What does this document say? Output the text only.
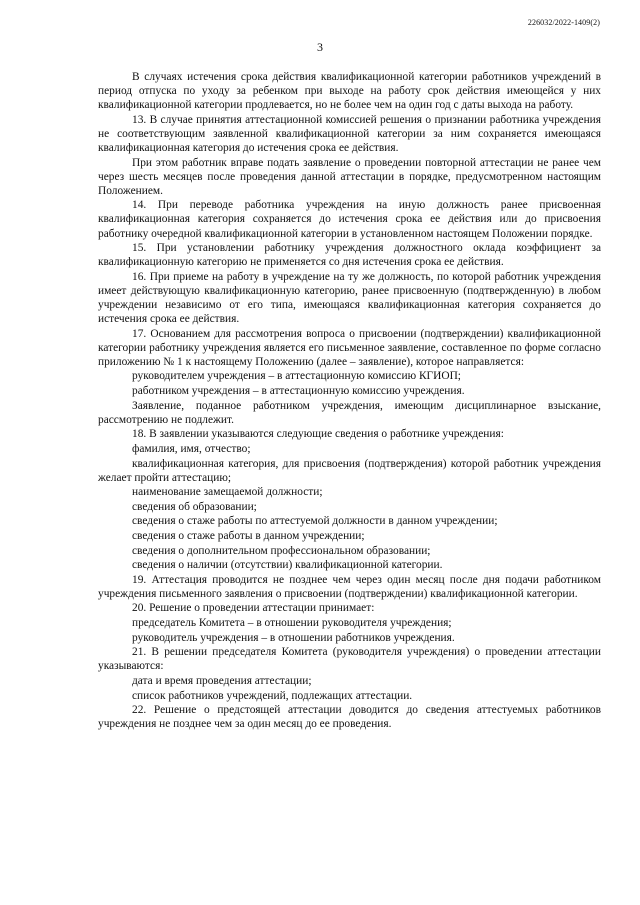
226032/2022-1409(2)
3

В случаях истечения срока действия квалификационной категории работников учреждений в период отпуска по уходу за ребенком при выходе на работу срок действия имеющейся у них квалификационной категории продлевается, но не более чем на один год с даты выхода на работу.

13. В случае принятия аттестационной комиссией решения о признании работника учреждения не соответствующим заявленной квалификационной категории за ним сохраняется имеющаяся квалификационная категория до истечения срока ее действия.

При этом работник вправе подать заявление о проведении повторной аттестации не ранее чем через шесть месяцев после проведения данной аттестации в порядке, предусмотренном настоящим Положением.

14. При переводе работника учреждения на иную должность ранее присвоенная квалификационная категория сохраняется до истечения срока ее действия или до присвоения работнику очередной квалификационной категории в установленном настоящем Положении порядке.

15. При установлении работнику учреждения должностного оклада коэффициент за квалификационную категорию не применяется со дня истечения срока ее действия.

16. При приеме на работу в учреждение на ту же должность, по которой работник учреждения имеет действующую квалификационную категорию, ранее присвоенную (подтвержденную) в любом учреждении независимо от его типа, имеющаяся квалификационная категория сохраняется до истечения срока ее действия.

17. Основанием для рассмотрения вопроса о присвоении (подтверждении) квалификационной категории работнику учреждения является его письменное заявление, составленное по форме согласно приложению № 1 к настоящему Положению (далее – заявление), которое направляется:

руководителем учреждения – в аттестационную комиссию КГИОП;

работником учреждения – в аттестационную комиссию учреждения.

Заявление, поданное работником учреждения, имеющим дисциплинарное взыскание, рассмотрению не подлежит.

18. В заявлении указываются следующие сведения о работнике учреждения:

фамилия, имя, отчество;

квалификационная категория, для присвоения (подтверждения) которой работник учреждения желает пройти аттестацию;

наименование замещаемой должности;

сведения об образовании;

сведения о стаже работы по аттестуемой должности в данном учреждении;

сведения о стаже работы в данном учреждении;

сведения о дополнительном профессиональном образовании;

сведения о наличии (отсутствии) квалификационной категории.

19. Аттестация проводится не позднее чем через один месяц после дня подачи работником учреждения письменного заявления о присвоении (подтверждении) квалификационной категории.

20. Решение о проведении аттестации принимает:

председатель Комитета – в отношении руководителя учреждения;

руководитель учреждения – в отношении работников учреждения.

21. В решении председателя Комитета (руководителя учреждения) о проведении аттестации указываются:

дата и время проведения аттестации;

список работников учреждений, подлежащих аттестации.

22. Решение о предстоящей аттестации доводится до сведения аттестуемых работников учреждения не позднее чем за один месяц до ее проведения.
